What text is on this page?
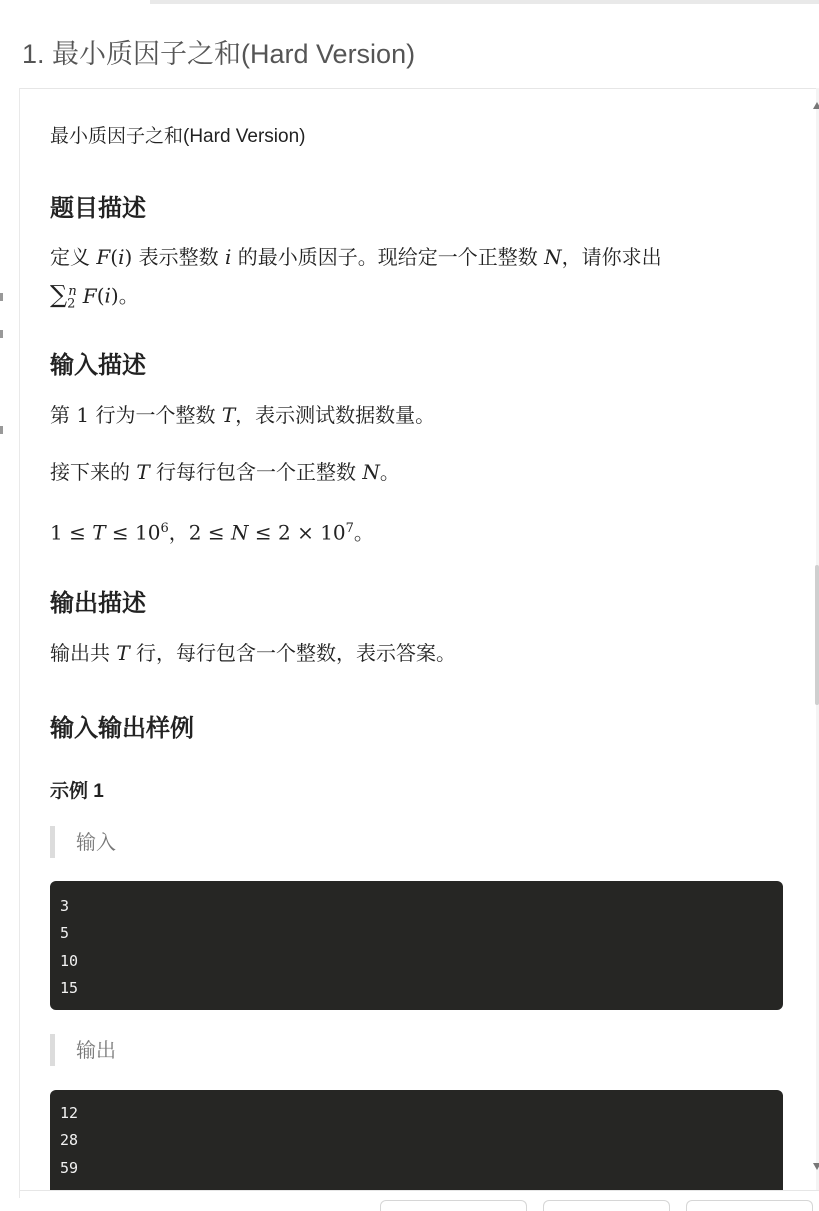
1. 最小质因子之和(Hard Version)
最小质因子之和(Hard Version)
题目描述
定义 F(i) 表示整数 i 的最小质因子。现给定一个正整数 N，请你求出
$\sum_2^n$ F(i)。
输入描述
第 1 行为一个整数 T，表示测试数据数量。
接下来的 T 行每行包含一个正整数 N。
$1 \le T \le 10^6$，$2 \le N \le 2 \times 10^7$。
输出描述
输出共 T 行，每行包含一个整数，表示答案。
输入输出样例
示例 1
输入
3
5
10
15
输出
12
28
59
